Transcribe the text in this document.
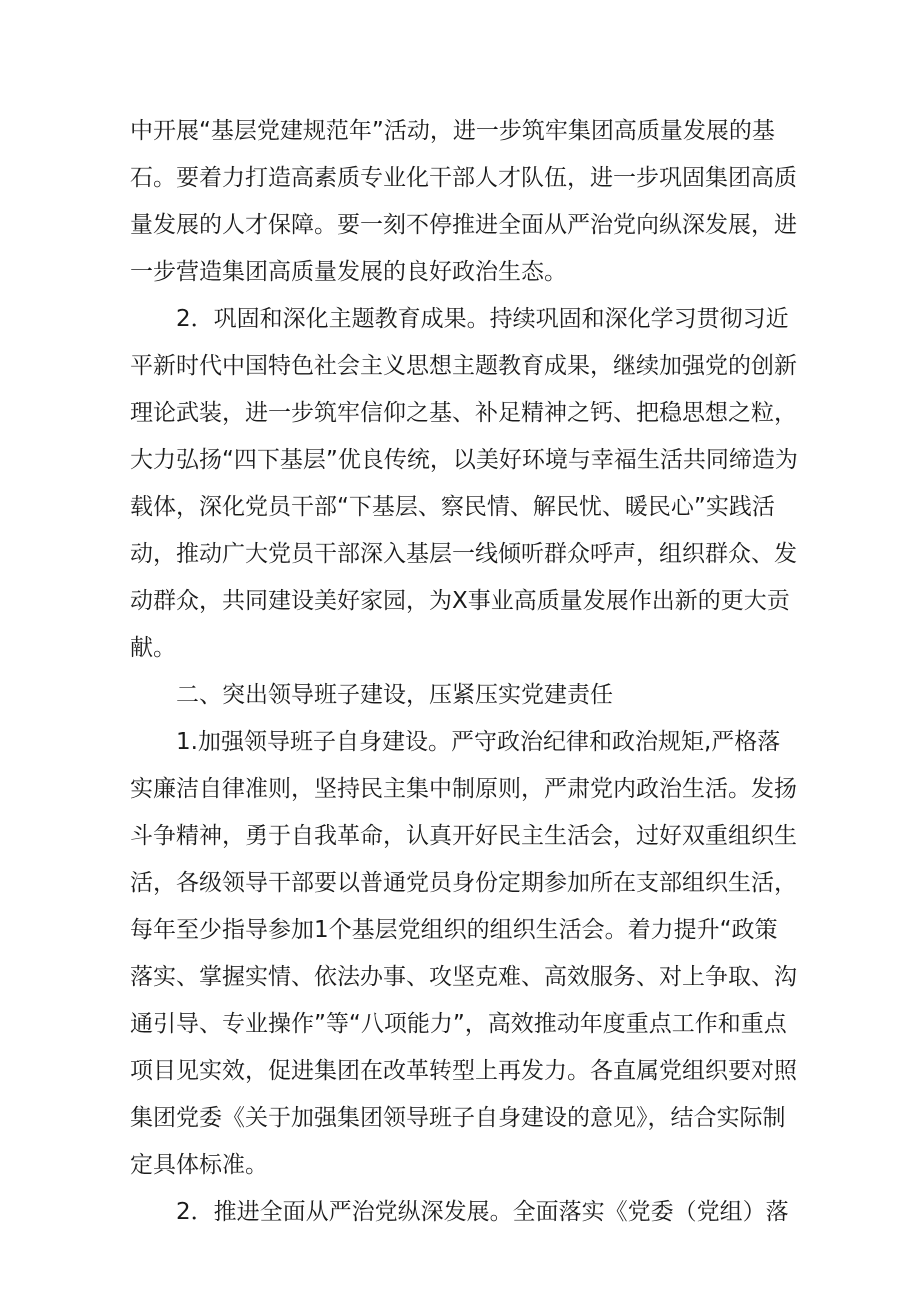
中开展“基层党建规范年”活动，进一步筑牢集团高质量发展的基石。要着力打造高素质专业化干部人才队伍，进一步巩固集团高质量发展的人才保障。要一刻不停推进全面从严治党向纵深发展，进一步营造集团高质量发展的良好政治生态。

2．巩固和深化主题教育成果。持续巩固和深化学习贯彻习近平新时代中国特色社会主义思想主题教育成果，继续加强党的创新理论武装，进一步筑牢信仰之基、补足精神之钙、把稳思想之粒，大力弘扬“四下基层”优良传统，以美好环境与幸福生活共同缔造为载体，深化党员干部“下基层、察民情、解民忧、暖民心”实践活动，推动广大党员干部深入基层一线倾听群众呼声，组织群众、发动群众，共同建设美好家园，为X事业高质量发展作出新的更大贡献。

二、突出领导班子建设，压紧压实党建责任

1.加强领导班子自身建设。严守政治纪律和政治规矩,严格落实廉洁自律准则，坚持民主集中制原则，严肃党内政治生活。发扬斗争精神，勇于自我革命，认真开好民主生活会，过好双重组织生活，各级领导干部要以普通党员身份定期参加所在支部组织生活，每年至少指导参加1个基层党组织的组织生活会。着力提升“政策落实、掌握实情、依法办事、攻坚克难、高效服务、对上争取、沟通引导、专业操作”等“八项能力”，高效推动年度重点工作和重点项目见实效，促进集团在改革转型上再发力。各直属党组织要对照集团党委《关于加强集团领导班子自身建设的意见》，结合实际制定具体标准。

2．推进全面从严治党纵深发展。全面落实《党委（党组）落
